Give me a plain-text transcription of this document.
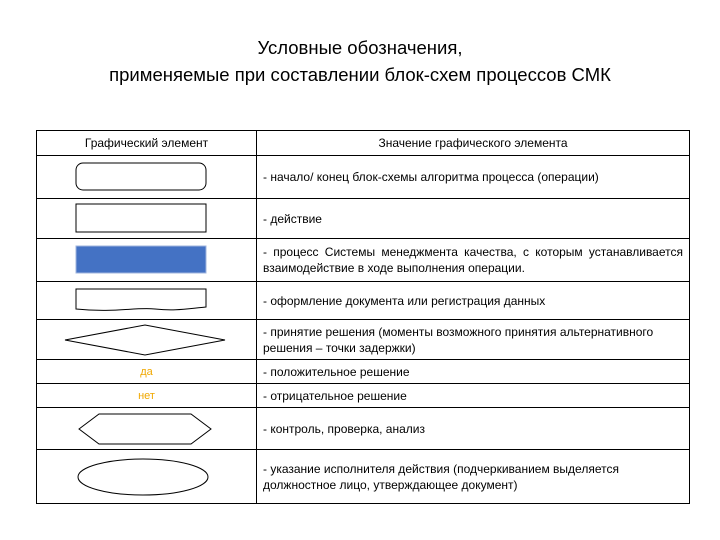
Условные обозначения,
применяемые при составлении блок-схем процессов СМК
Графический элемент	Значение графического элемента

	- начало/ конец блок-схемы алгоритма процесса (операции)

	- действие

	- процесс Системы менеджмента качества, с которым устанавливается взаимодействие в ходе выполнения операции.

	- оформление документа или регистрация данных

	- принятие решения (моменты возможного принятия альтернативного решения – точки задержки)
да	- положительное решение
нет	- отрицательное решение

	- контроль, проверка, анализ

	- указание исполнителя действия (подчеркиванием выделяется должностное лицо, утверждающее документ)
